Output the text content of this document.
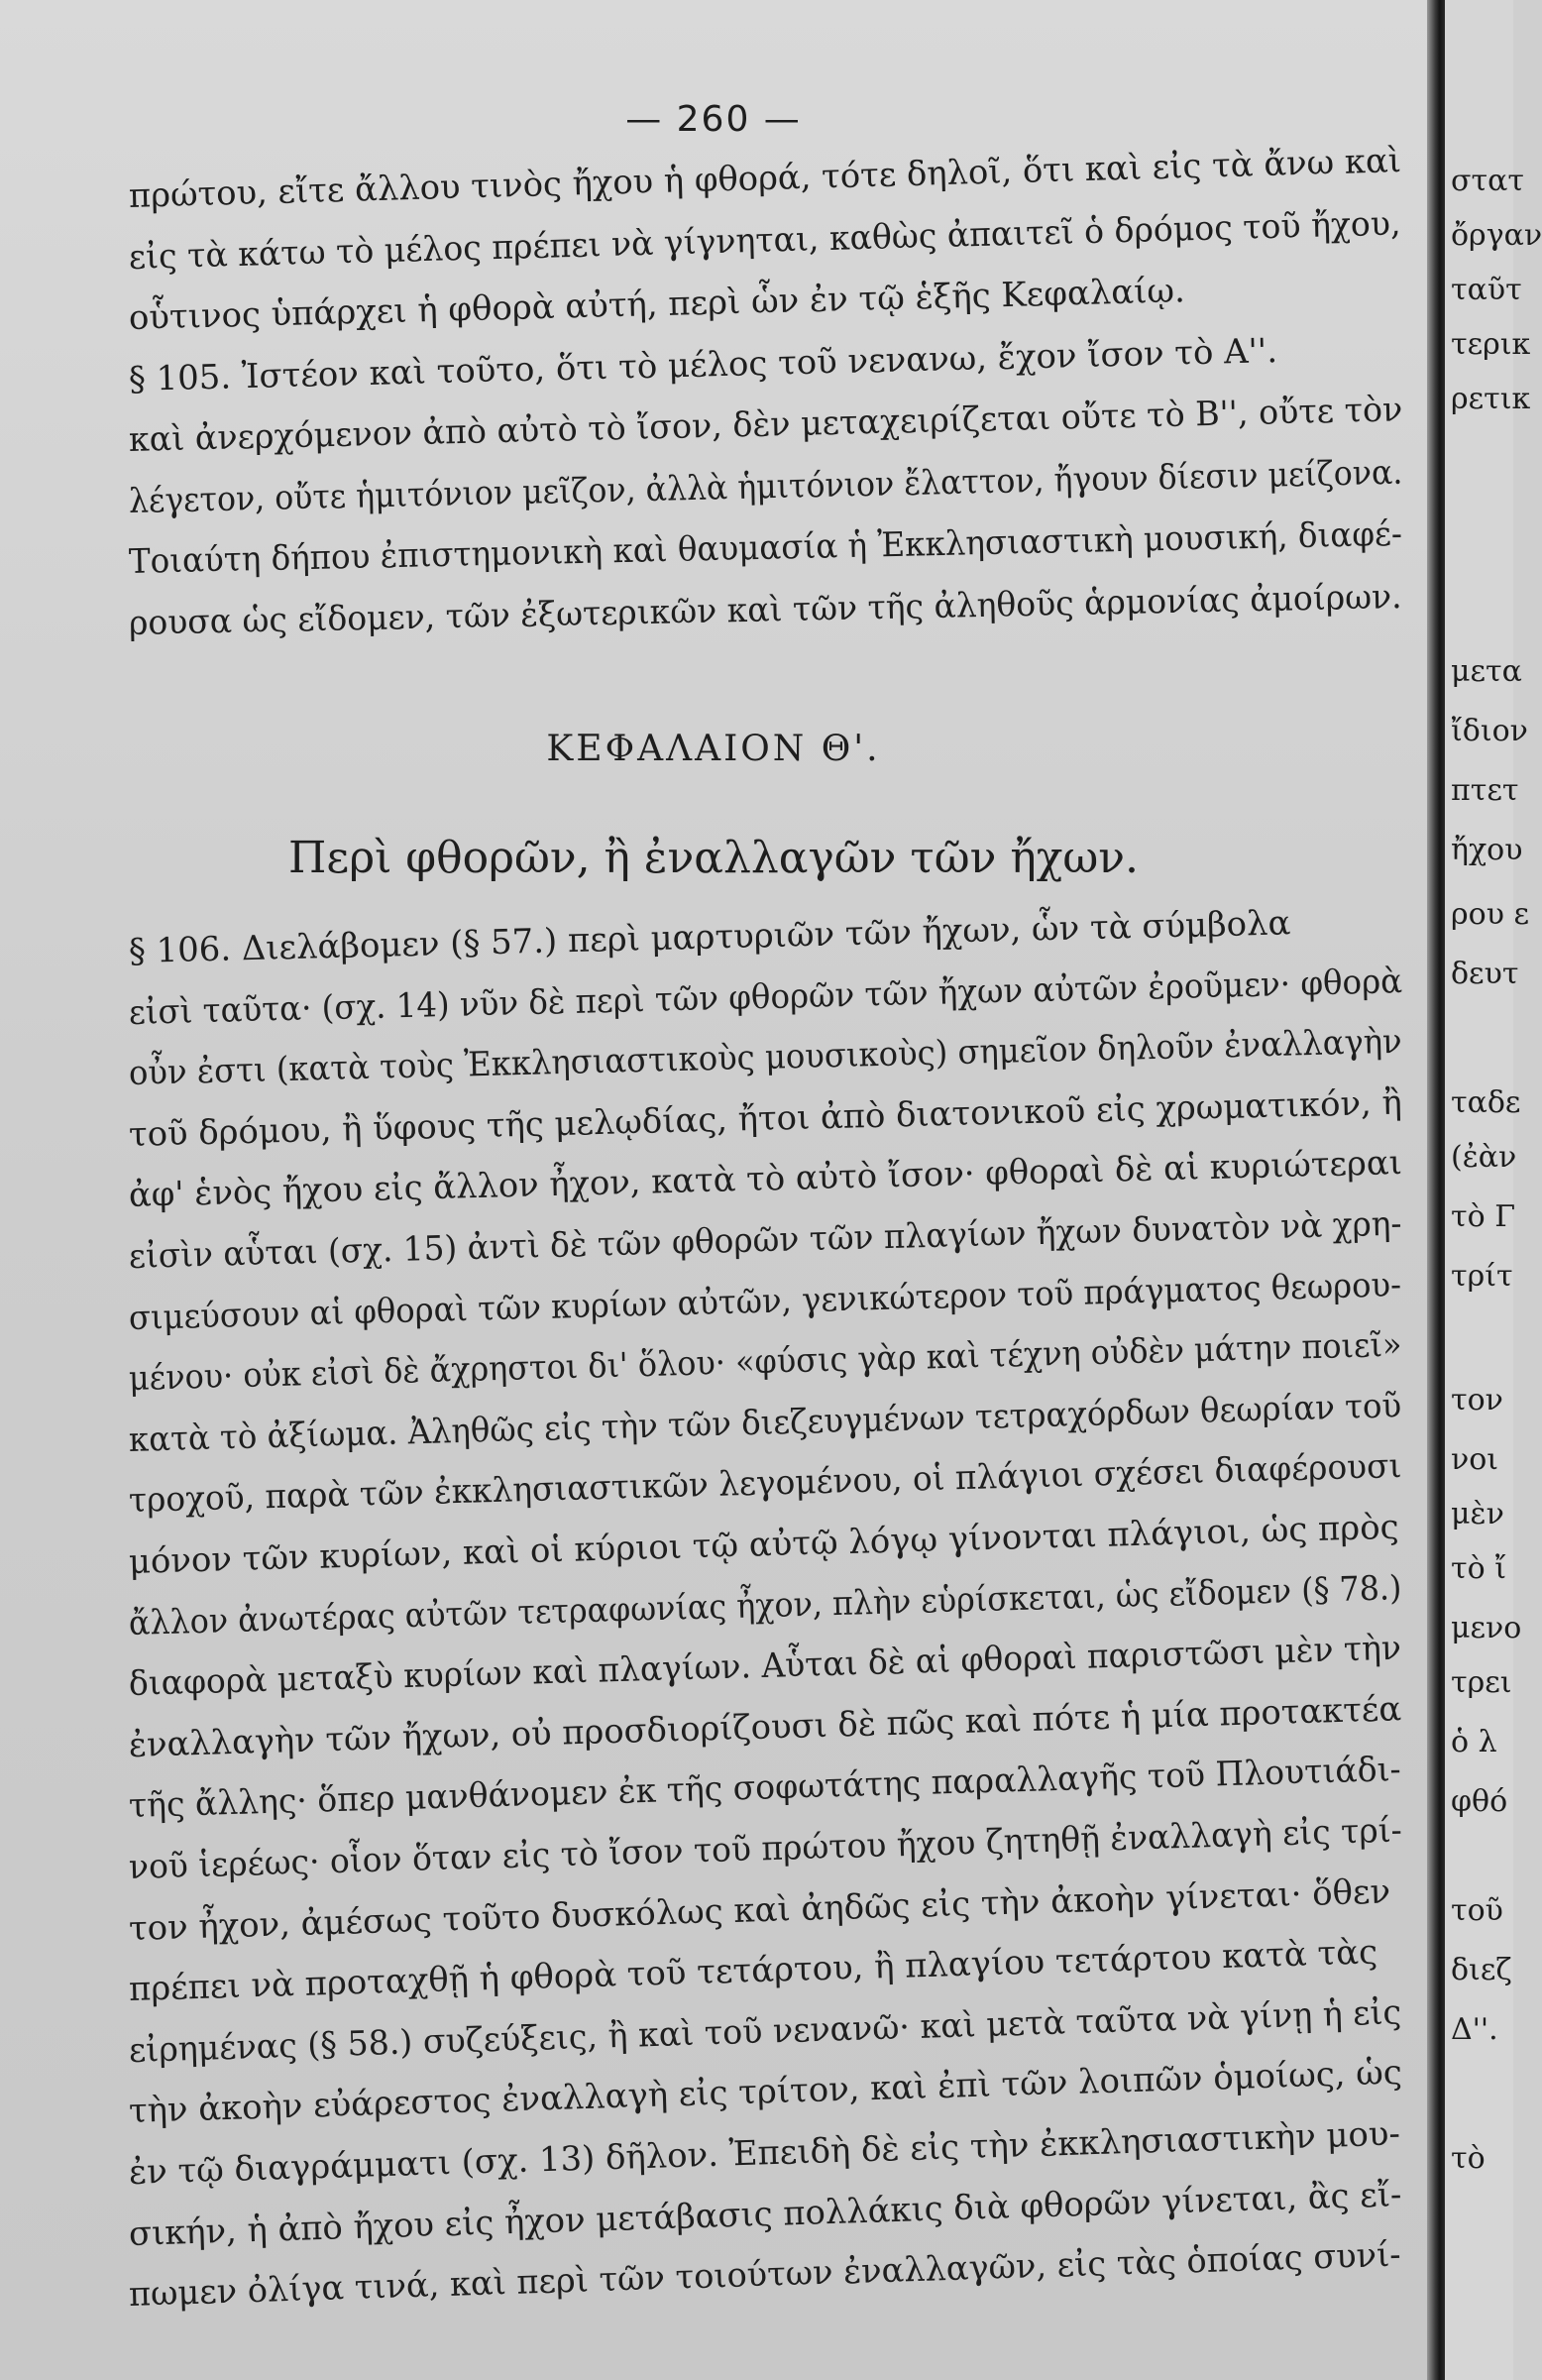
— 260 —
πρώτου, εἴτε ἄλλου τινὸς ἤχου ἡ φθορά, τότε δηλοῖ, ὅτι καὶ εἰς τὰ ἄνω καὶ
εἰς τὰ κάτω τὸ μέλος πρέπει νὰ γίγνηται, καθὼς ἀπαιτεῖ ὁ δρόμος τοῦ ἤχου,
οὗτινος ὑπάρχει ἡ φθορὰ αὐτή, περὶ ὧν ἐν τῷ ἑξῆς Κεφαλαίῳ.
§ 105. Ἰστέον καὶ τοῦτο, ὅτι τὸ μέλος τοῦ νενανω, ἔχον ἴσον τὸ Α''.
καὶ ἀνερχόμενον ἀπὸ αὐτὸ τὸ ἴσον, δὲν μεταχειρίζεται οὔτε τὸ Β'', οὔτε τὸν
λέγετον, οὔτε ἡμιτόνιον μεῖζον, ἀλλὰ ἡμιτόνιον ἔλαττον, ἤγουν δίεσιν μείζονα.
Τοιαύτη δήπου ἐπιστημονικὴ καὶ θαυμασία ἡ Ἐκκλησιαστικὴ μουσική, διαφέ-
ρουσα ὡς εἴδομεν, τῶν ἐξωτερικῶν καὶ τῶν τῆς ἀληθοῦς ἁρμονίας ἀμοίρων.
ΚΕΦΑΛΑΙΟΝ Θ'.
Περὶ φθορῶν, ἢ ἐναλλαγῶν τῶν ἤχων.
§ 106. Διελάβομεν (§ 57.) περὶ μαρτυριῶν τῶν ἤχων, ὧν τὰ σύμβολα
εἰσὶ ταῦτα· (σχ. 14) νῦν δὲ περὶ τῶν φθορῶν τῶν ἤχων αὐτῶν ἐροῦμεν· φθορὰ
οὖν ἐστι (κατὰ τοὺς Ἐκκλησιαστικοὺς μουσικοὺς) σημεῖον δηλοῦν ἐναλλαγὴν
τοῦ δρόμου, ἢ ὕφους τῆς μελῳδίας, ἤτοι ἀπὸ διατονικοῦ εἰς χρωματικόν, ἢ
ἀφ' ἑνὸς ἤχου εἰς ἄλλον ἦχον, κατὰ τὸ αὐτὸ ἴσον· φθοραὶ δὲ αἱ κυριώτεραι
εἰσὶν αὗται (σχ. 15) ἀντὶ δὲ τῶν φθορῶν τῶν πλαγίων ἤχων δυνατὸν νὰ χρη-
σιμεύσουν αἱ φθοραὶ τῶν κυρίων αὐτῶν, γενικώτερον τοῦ πράγματος θεωρου-
μένου· οὐκ εἰσὶ δὲ ἄχρηστοι δι' ὅλου· «φύσις γὰρ καὶ τέχνη οὐδὲν μάτην ποιεῖ»
κατὰ τὸ ἀξίωμα. Ἀληθῶς εἰς τὴν τῶν διεζευγμένων τετραχόρδων θεωρίαν τοῦ
τροχοῦ, παρὰ τῶν ἐκκλησιαστικῶν λεγομένου, οἱ πλάγιοι σχέσει διαφέρουσι
μόνον τῶν κυρίων, καὶ οἱ κύριοι τῷ αὐτῷ λόγῳ γίνονται πλάγιοι, ὡς πρὸς
ἄλλον ἀνωτέρας αὐτῶν τετραφωνίας ἦχον, πλὴν εὑρίσκεται, ὡς εἴδομεν (§ 78.)
διαφορὰ μεταξὺ κυρίων καὶ πλαγίων. Αὗται δὲ αἱ φθοραὶ παριστῶσι μὲν τὴν
ἐναλλαγὴν τῶν ἤχων, οὐ προσδιορίζουσι δὲ πῶς καὶ πότε ἡ μία προτακτέα
τῆς ἄλλης· ὅπερ μανθάνομεν ἐκ τῆς σοφωτάτης παραλλαγῆς τοῦ Πλουτιάδι-
νοῦ ἱερέως· οἷον ὅταν εἰς τὸ ἴσον τοῦ πρώτου ἤχου ζητηθῇ ἐναλλαγὴ εἰς τρί-
τον ἦχον, ἀμέσως τοῦτο δυσκόλως καὶ ἀηδῶς εἰς τὴν ἀκοὴν γίνεται· ὅθεν
πρέπει νὰ προταχθῇ ἡ φθορὰ τοῦ τετάρτου, ἢ πλαγίου τετάρτου κατὰ τὰς
εἰρημένας (§ 58.) συζεύξεις, ἢ καὶ τοῦ νενανῶ· καὶ μετὰ ταῦτα νὰ γίνῃ ἡ εἰς
τὴν ἀκοὴν εὐάρεστος ἐναλλαγὴ εἰς τρίτον, καὶ ἐπὶ τῶν λοιπῶν ὁμοίως, ὡς
ἐν τῷ διαγράμματι (σχ. 13) δῆλον. Ἐπειδὴ δὲ εἰς τὴν ἐκκλησιαστικὴν μου-
σικήν, ἡ ἀπὸ ἤχου εἰς ἦχον μετάβασις πολλάκις διὰ φθορῶν γίνεται, ἂς εἴ-
πωμεν ὀλίγα τινά, καὶ περὶ τῶν τοιούτων ἐναλλαγῶν, εἰς τὰς ὁποίας συνί-
στατ
ὄργαν
ταῦτ
τερικ
ρετικ
μετα
ἴδιον
πτετ
ἤχου
ρου ε
δευτ
ταδε
(ἐὰν
τὸ Γ
τρίτ
τον
νοι
μὲν
τὸ ἴ
μενο
τρει
ὁ λ
φθό
τοῦ
διεζ
Δ''.
τὸ
